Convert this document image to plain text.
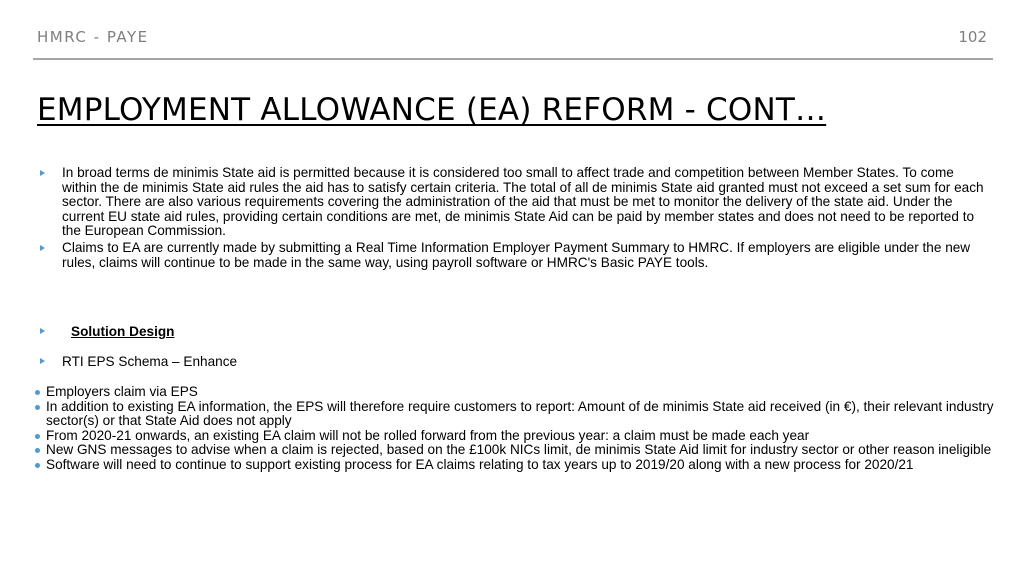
HMRC - PAYE	102
EMPLOYMENT ALLOWANCE (EA) REFORM - CONT…
In broad terms de minimis State aid is permitted because it is considered too small to affect trade and competition between Member States. To come within the de minimis State aid rules the aid has to satisfy certain criteria. The total of all de minimis State aid granted must not exceed a set sum for each sector. There are also various requirements covering the administration of the aid that must be met to monitor the delivery of the state aid. Under the current EU state aid rules, providing certain conditions are met, de minimis State Aid can be paid by member states and does not need to be reported to the European Commission.
Claims to EA are currently made by submitting a Real Time Information Employer Payment Summary to HMRC. If employers are eligible under the new rules, claims will continue to be made in the same way, using payroll software or HMRC's Basic PAYE tools.
Solution Design
RTI EPS Schema – Enhance
Employers claim via EPS
In addition to existing EA information, the EPS will therefore require customers to report: Amount of de minimis State aid received (in €), their relevant industry sector(s) or that State Aid does not apply
From 2020-21 onwards, an existing EA claim will not be rolled forward from the previous year: a claim must be made each year
New GNS messages to advise when a claim is rejected, based on the £100k NICs limit, de minimis State Aid limit for industry sector or other reason ineligible
Software will need to continue to support existing process for EA claims relating to tax years up to 2019/20 along with a new process for 2020/21
